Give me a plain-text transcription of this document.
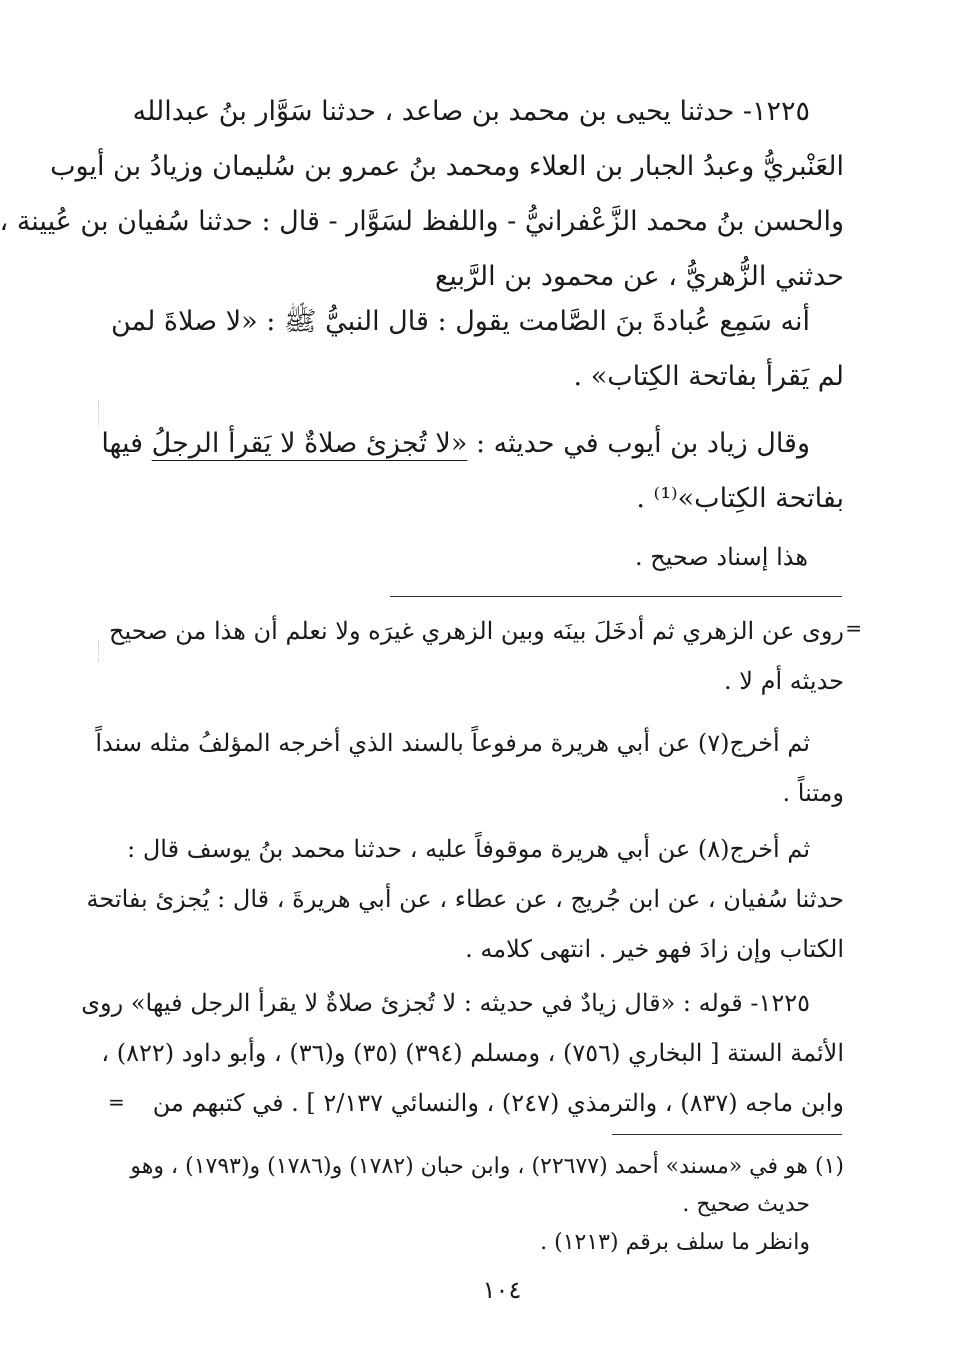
١٢٢٥- حدثنا يحيى بن محمد بن صاعد ، حدثنا سَوَّار بنُ عبدالله
العَنْبريُّ وعبدُ الجبار بن العلاء ومحمد بنُ عمرو بن سُليمان وزيادُ بن أيوب
والحسن بنُ محمد الزَّعْفرانيُّ - واللفظ لسَوَّار - قال : حدثنا سُفيان بن عُيينة ،
حدثني الزُّهريُّ ، عن محمود بن الرَّبيع
أنه سَمِع عُبادةَ بنَ الصَّامت يقول : قال النبيُّ ﷺ : «لا صلاةَ لمن
لم يَقرأ بفاتحة الكِتاب» .
وقال زياد بن أيوب في حديثه : «لا تُجزئ صلاةٌ لا يَقرأ الرجلُ فيها
بفاتحة الكِتاب»⁽¹⁾ .
هذا إسناد صحيح .
=
روى عن الزهري ثم أدخَلَ بينَه وبين الزهري غيرَه ولا نعلم أن هذا من صحيح
حديثه أم لا .
ثم أخرج(٧) عن أبي هريرة مرفوعاً بالسند الذي أخرجه المؤلفُ مثله سنداً
ومتناً .
ثم أخرج(٨) عن أبي هريرة موقوفاً عليه ، حدثنا محمد بنُ يوسف قال :
حدثنا سُفيان ، عن ابن جُريج ، عن عطاء ، عن أبي هريرةَ ، قال : يُجزئ بفاتحة
الكتاب وإن زادَ فهو خير . انتهى كلامه .
١٢٢٥- قوله : «قال زيادٌ في حديثه : لا تُجزئ صلاةٌ لا يقرأ الرجل فيها» روى
الأئمة الستة [ البخاري (٧٥٦) ، ومسلم (٣٩٤) (٣٥) و(٣٦) ، وأبو داود (٨٢٢) ،
وابن ماجه (٨٣٧) ، والترمذي (٢٤٧) ، والنسائي ٢/١٣٧ ] . في كتبهم من
=
(١) هو في «مسند» أحمد (٢٢٦٧٧) ، وابن حبان (١٧٨٢) و(١٧٨٦) و(١٧٩٣) ، وهو
حديث صحيح .
وانظر ما سلف برقم (١٢١٣) .
١٠٤
